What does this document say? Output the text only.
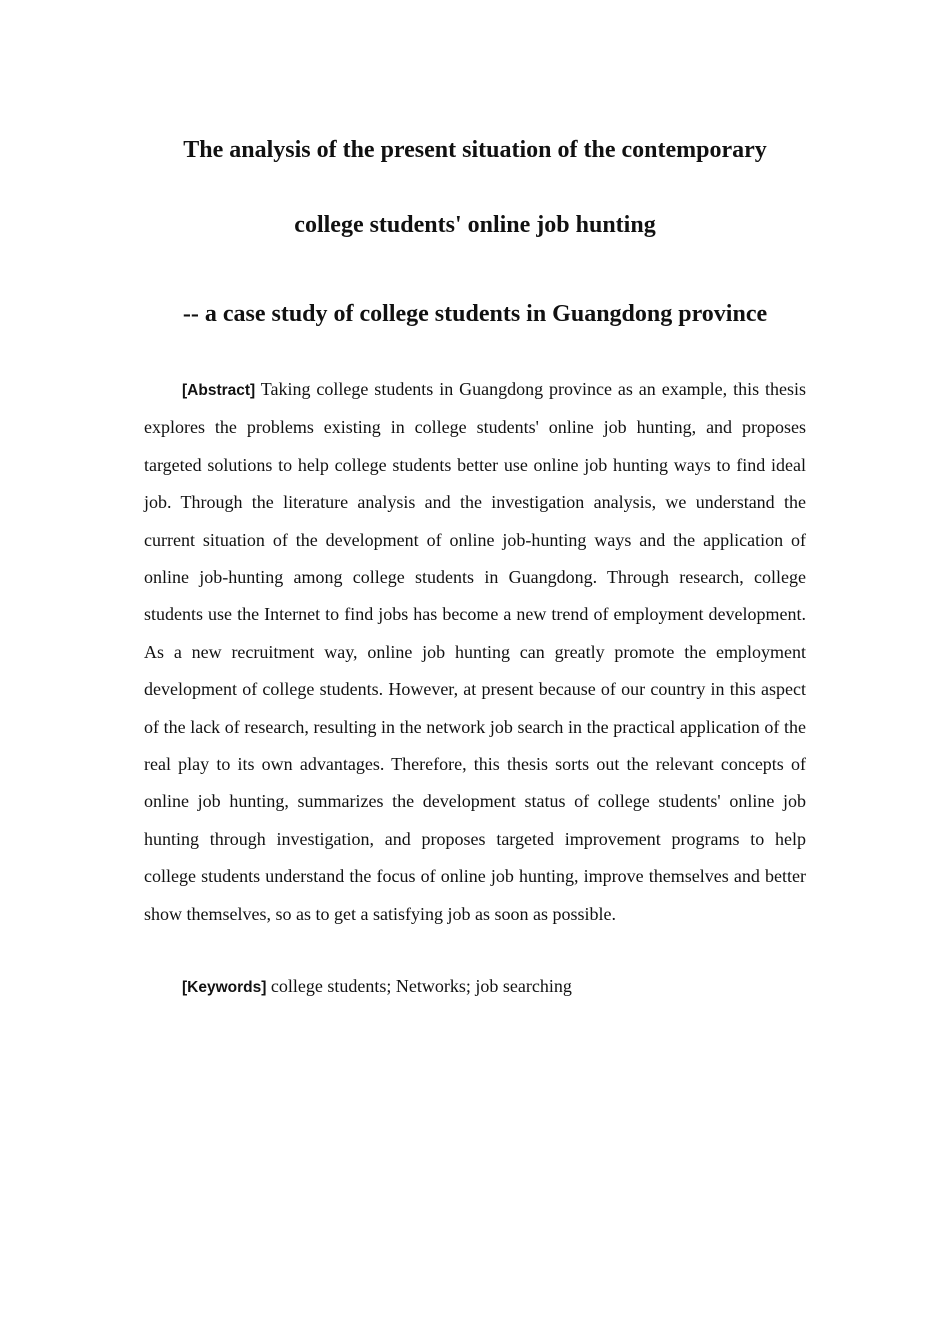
The analysis of the present situation of the contemporary
college students' online job hunting
-- a case study of college students in Guangdong province

[Abstract] Taking college students in Guangdong province as an example, this thesis explores the problems existing in college students' online job hunting, and proposes targeted solutions to help college students better use online job hunting ways to find ideal job. Through the literature analysis and the investigation analysis, we understand the current situation of the development of online job-hunting ways and the application of online job-hunting among college students in Guangdong. Through research, college students use the Internet to find jobs has become a new trend of employment development. As a new recruitment way, online job hunting can greatly promote the employment development of college students. However, at present because of our country in this aspect of the lack of research, resulting in the network job search in the practical application of the real play to its own advantages. Therefore, this thesis sorts out the relevant concepts of online job hunting, summarizes the development status of college students' online job hunting through investigation, and proposes targeted improvement programs to help college students understand the focus of online job hunting, improve themselves and better show themselves, so as to get a satisfying job as soon as possible.

[Keywords] college students; Networks; job searching
